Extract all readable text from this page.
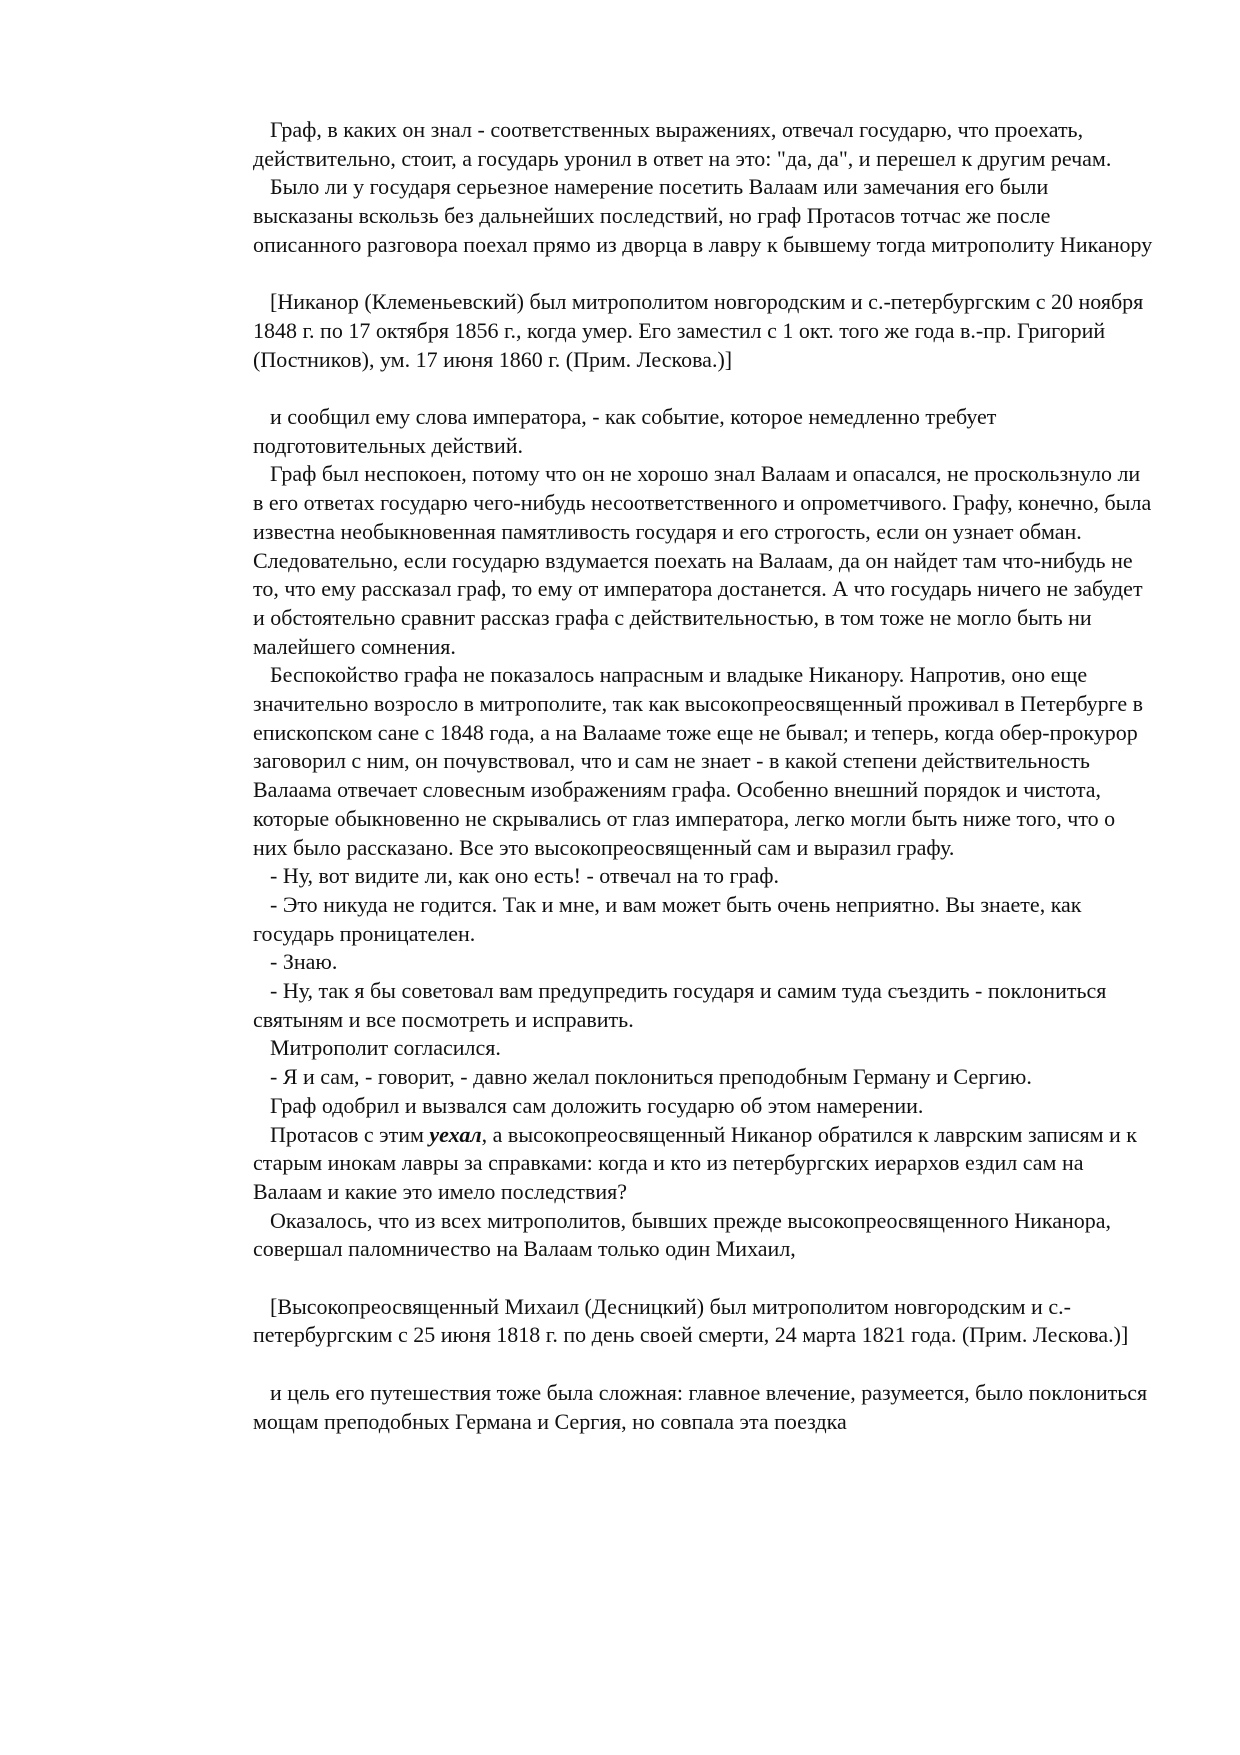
Граф, в каких он знал - соответственных выражениях, отвечал государю, что проехать, действительно, стоит, а государь уронил в ответ на это: "да, да", и перешел к другим речам.

Было ли у государя серьезное намерение посетить Валаам или замечания его были высказаны вскользь без дальнейших последствий, но граф Протасов тотчас же после описанного разговора поехал прямо из дворца в лавру к бывшему тогда митрополиту Никанору

[Никанор (Клеменьевский) был митрополитом новгородским и с.-петербургским с 20 ноября 1848 г. по 17 октября 1856 г., когда умер. Его заместил с 1 окт. того же года в.-пр. Григорий (Постников), ум. 17 июня 1860 г. (Прим. Лескова.)]

и сообщил ему слова императора, - как событие, которое немедленно требует подготовительных действий.

Граф был неспокоен, потому что он не хорошо знал Валаам и опасался, не проскользнуло ли в его ответах государю чего-нибудь несоответственного и опрометчивого. Графу, конечно, была известна необыкновенная памятливость государя и его строгость, если он узнает обман. Следовательно, если государю вздумается поехать на Валаам, да он найдет там что-нибудь не то, что ему рассказал граф, то ему от императора достанется. А что государь ничего не забудет и обстоятельно сравнит рассказ графа с действительностью, в том тоже не могло быть ни малейшего сомнения.

Беспокойство графа не показалось напрасным и владыке Никанору. Напротив, оно еще значительно возросло в митрополите, так как высокопреосвященный проживал в Петербурге в епископском сане с 1848 года, а на Валааме тоже еще не бывал; и теперь, когда обер-прокурор заговорил с ним, он почувствовал, что и сам не знает - в какой степени действительность Валаама отвечает словесным изображениям графа. Особенно внешний порядок и чистота, которые обыкновенно не скрывались от глаз императора, легко могли быть ниже того, что о них было рассказано. Все это высокопреосвященный сам и выразил графу.

- Ну, вот видите ли, как оно есть! - отвечал на то граф.

- Это никуда не годится. Так и мне, и вам может быть очень неприятно. Вы знаете, как государь проницателен.

- Знаю.

- Ну, так я бы советовал вам предупредить государя и самим туда съездить - поклониться святыням и все посмотреть и исправить.

Митрополит согласился.

- Я и сам, - говорит, - давно желал поклониться преподобным Герману и Сергию.

Граф одобрил и вызвался сам доложить государю об этом намерении.

Протасов с этим уехал, а высокопреосвященный Никанор обратился к лаврским записям и к старым инокам лавры за справками: когда и кто из петербургских иерархов ездил сам на Валаам и какие это имело последствия?

Оказалось, что из всех митрополитов, бывших прежде высокопреосвященного Никанора, совершал паломничество на Валаам только один Михаил,

[Высокопреосвященный Михаил (Десницкий) был митрополитом новгородским и с.-петербургским с 25 июня 1818 г. по день своей смерти, 24 марта 1821 года. (Прим. Лескова.)]

и цель его путешествия тоже была сложная: главное влечение, разумеется, было поклониться мощам преподобных Германа и Сергия, но совпала эта поездка
